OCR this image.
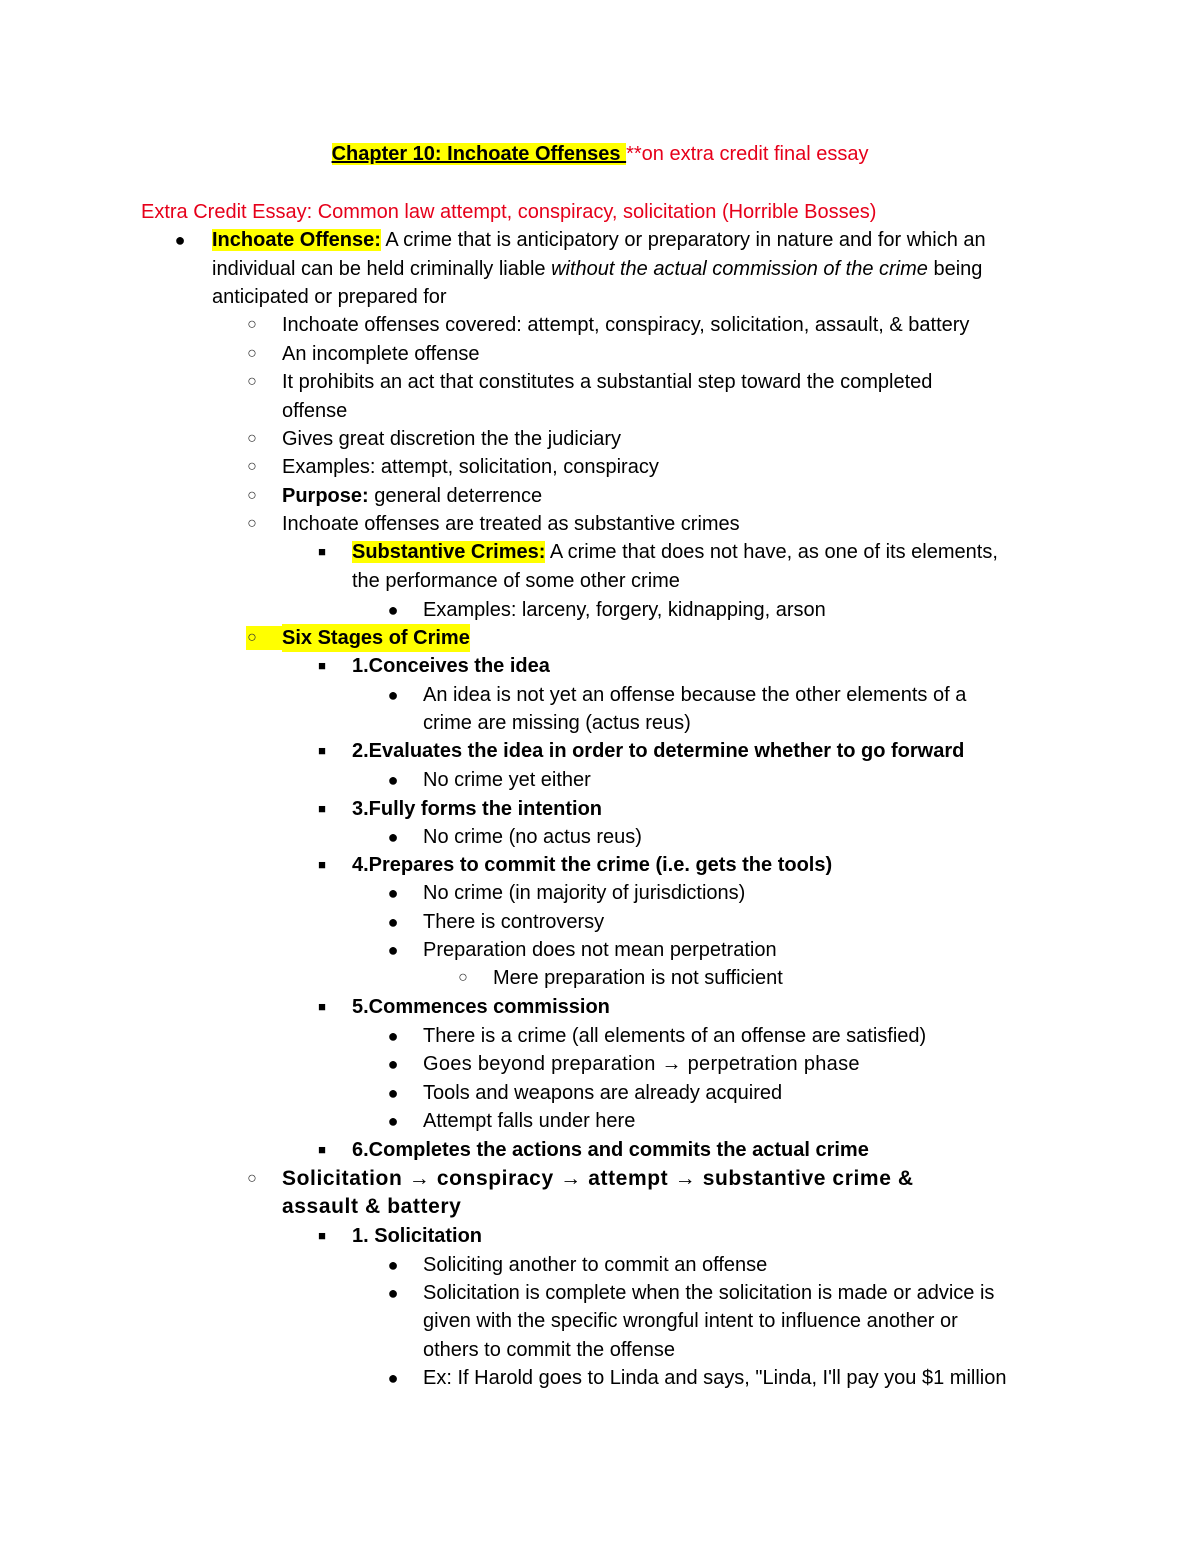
Chapter 10: Inchoate Offenses **on extra credit final essay
Extra Credit Essay: Common law attempt, conspiracy, solicitation (Horrible Bosses)
● Inchoate Offense: A crime that is anticipatory or preparatory in nature and for which an
individual can be held criminally liable without the actual commission of the crime being
anticipated or prepared for
○ Inchoate offenses covered: attempt, conspiracy, solicitation, assault, & battery
○ An incomplete offense
○ It prohibits an act that constitutes a substantial step toward the completed
offense
○ Gives great discretion the the judiciary
○ Examples: attempt, solicitation, conspiracy
○ Purpose: general deterrence
○ Inchoate offenses are treated as substantive crimes
■	Substantive Crimes: A crime that does not have, as one of its elements,
the performance of some other crime
● Examples: larceny, forgery, kidnapping, arson
○ Six Stages of Crime
■	1.Conceives the idea
● An idea is not yet an offense because the other elements of a
crime are missing (actus reus)
■	2.Evaluates the idea in order to determine whether to go forward
● No crime yet either
■	3.Fully forms the intention
● No crime (no actus reus)
■	4.Prepares to commit the crime (i.e. gets the tools)
● No crime (in majority of jurisdictions)
● There is controversy
● Preparation does not mean perpetration
○ Mere preparation is not sufficient
■	5.Commences commission
● There is a crime (all elements of an offense are satisfied)
● Goes beyond preparation → perpetration phase
● Tools and weapons are already acquired
● Attempt falls under here
■	6.Completes the actions and commits the actual crime
○ Solicitation → conspiracy → attempt → substantive crime &
assault & battery
■	1. Solicitation
● Soliciting another to commit an offense
● Solicitation is complete when the solicitation is made or advice is
given with the specific wrongful intent to influence another or
others to commit the offense
● Ex: If Harold goes to Linda and says, "Linda, I'll pay you $1 million
